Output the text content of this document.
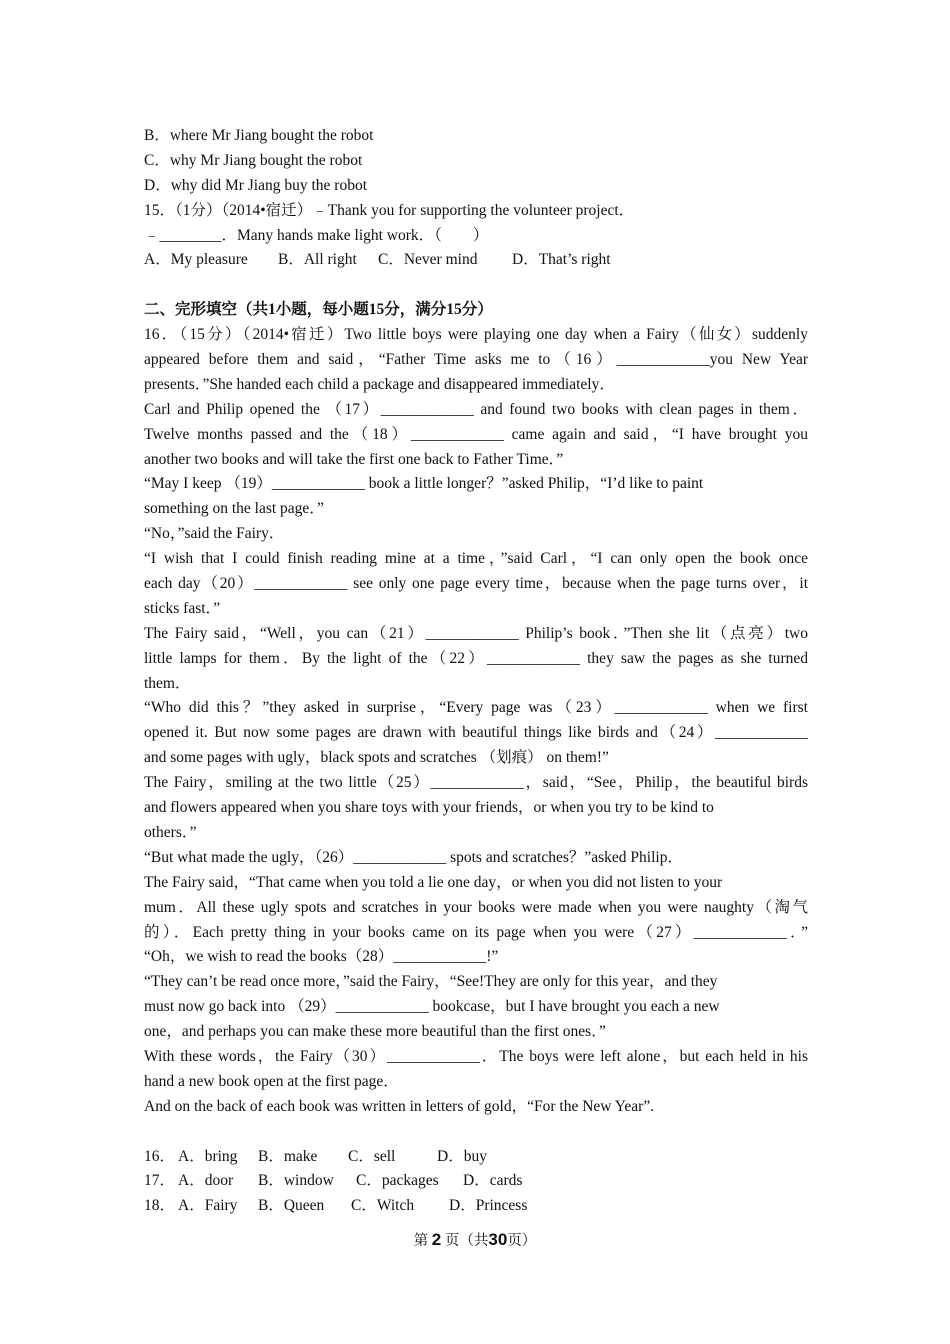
B．where Mr Jiang bought the robot
C．why Mr Jiang bought the robot
D．why did Mr Jiang buy the robot
15．（1分）（2014•宿迁）﹣Thank you for supporting the volunteer project．
﹣________．Many hands make light work．（　　）
A．My pleasure B．All right C．Never mind D．That’s right
二、完形填空（共1小题，每小题15分，满分15分）
16．（15分）（2014•宿迁）Two little boys were playing one day when a Fairy（仙女）suddenly
appeared before them and said，“Father Time asks me to（16）____________you New Year
presents．”She handed each child a package and disappeared immediately．
Carl and Philip opened the （17）____________ and found two books with clean pages in them．
Twelve months passed and the（18）____________ came again and said，“I have brought you
another two books and will take the first one back to Father Time．”
“May I keep （19）____________ book a little longer？”asked Philip，“I’d like to paint
something on the last page．”
“No，”said the Fairy．
“I wish that I could finish reading mine at a time，”said Carl，“I can only open the book once
each day（20）____________ see only one page every time，because when the page turns over，it
sticks fast．”
The Fairy said，“Well，you can（21）____________ Philip’s book．”Then she lit（点亮）two
little lamps for them．By the light of the（22）____________ they saw the pages as she turned
them．
“Who did this？”they asked in surprise，“Every page was（23）____________ when we first
opened it. But now some pages are drawn with beautiful things like birds and（24）____________
and some pages with ugly，black spots and scratches （划痕） on them!”
The Fairy，smiling at the two little（25）____________，said，“See，Philip，the beautiful birds
and flowers appeared when you share toys with your friends，or when you try to be kind to
others．”
“But what made the ugly，（26）____________ spots and scratches？”asked Philip．
The Fairy said，“That came when you told a lie one day，or when you did not listen to your
mum．All these ugly spots and scratches in your books were made when you were naughty（淘气
的）．Each pretty thing in your books came on its page when you were（27）____________．”
“Oh，we wish to read the books（28）____________!”
“They can’t be read once more，”said the Fairy，“See!They are only for this year，and they
must now go back into （29）____________ bookcase，but I have brought you each a new
one，and perhaps you can make these more beautiful than the first ones．”
With these words，the Fairy（30）____________．The boys were left alone，but each held in his
hand a new book open at the first page．
And on the back of each book was written in letters of gold，“For the New Year”.
16． A．bring B．make C．sell	D．buy
17． A．door B．window C．packages D．cards
18． A．Fairy B．Queen C．Witch D．Princess
第 2 页（共30页）
